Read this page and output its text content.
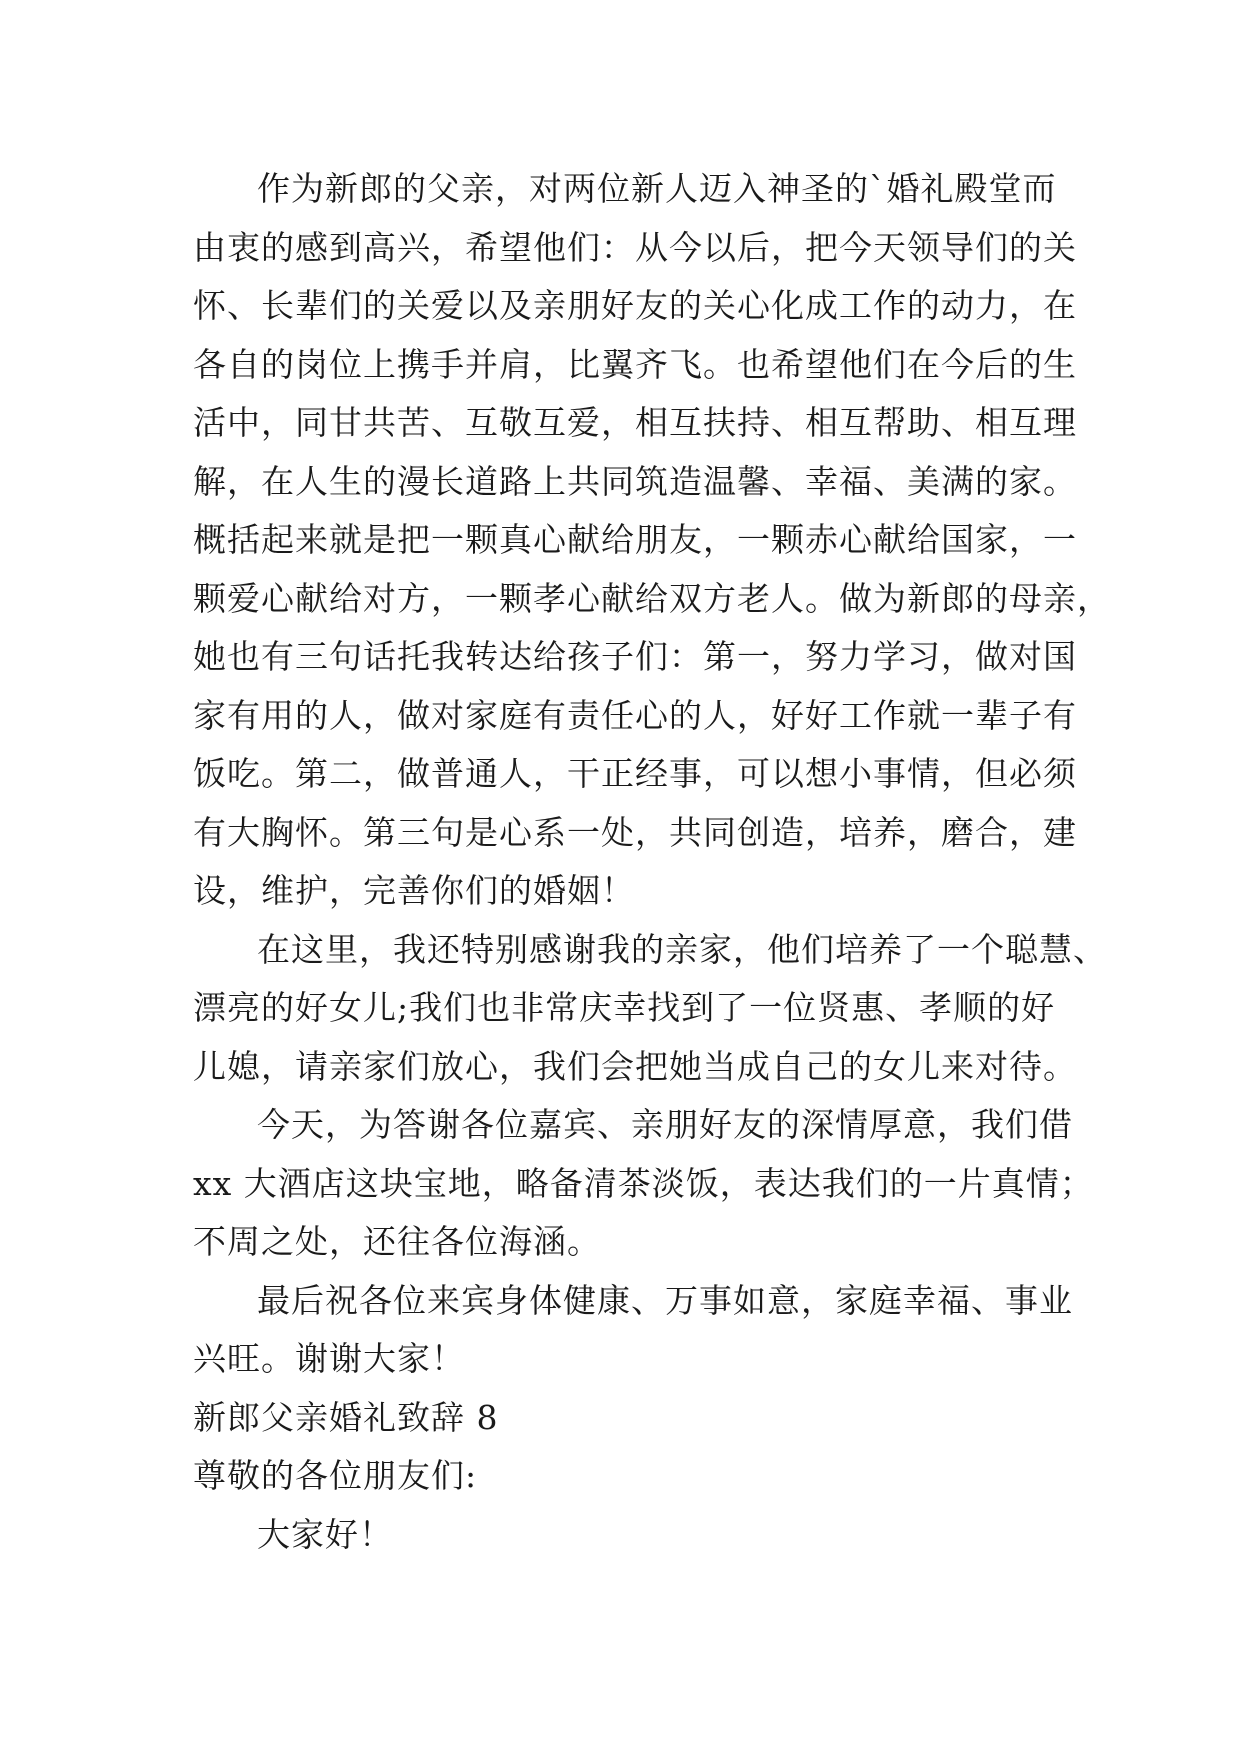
作为新郎的父亲，对两位新人迈入神圣的`婚礼殿堂而
由衷的感到高兴，希望他们：从今以后，把今天领导们的关
怀、长辈们的关爱以及亲朋好友的关心化成工作的动力，在
各自的岗位上携手并肩，比翼齐飞。也希望他们在今后的生
活中，同甘共苦、互敬互爱，相互扶持、相互帮助、相互理
解，在人生的漫长道路上共同筑造温馨、幸福、美满的家。
概括起来就是把一颗真心献给朋友，一颗赤心献给国家，一
颗爱心献给对方，一颗孝心献给双方老人。做为新郎的母亲，
她也有三句话托我转达给孩子们：第一，努力学习，做对国
家有用的人，做对家庭有责任心的人，好好工作就一辈子有
饭吃。第二，做普通人，干正经事，可以想小事情，但必须
有大胸怀。第三句是心系一处，共同创造，培养，磨合，建
设，维护，完善你们的婚姻！
在这里，我还特别感谢我的亲家，他们培养了一个聪慧、
漂亮的好女儿;我们也非常庆幸找到了一位贤惠、孝顺的好
儿媳，请亲家们放心，我们会把她当成自己的女儿来对待。
今天，为答谢各位嘉宾、亲朋好友的深情厚意，我们借
xx 大酒店这块宝地，略备清茶淡饭，表达我们的一片真情；
不周之处，还往各位海涵。
最后祝各位来宾身体健康、万事如意，家庭幸福、事业
兴旺。谢谢大家！
新郎父亲婚礼致辞 8
尊敬的各位朋友们:
大家好！
